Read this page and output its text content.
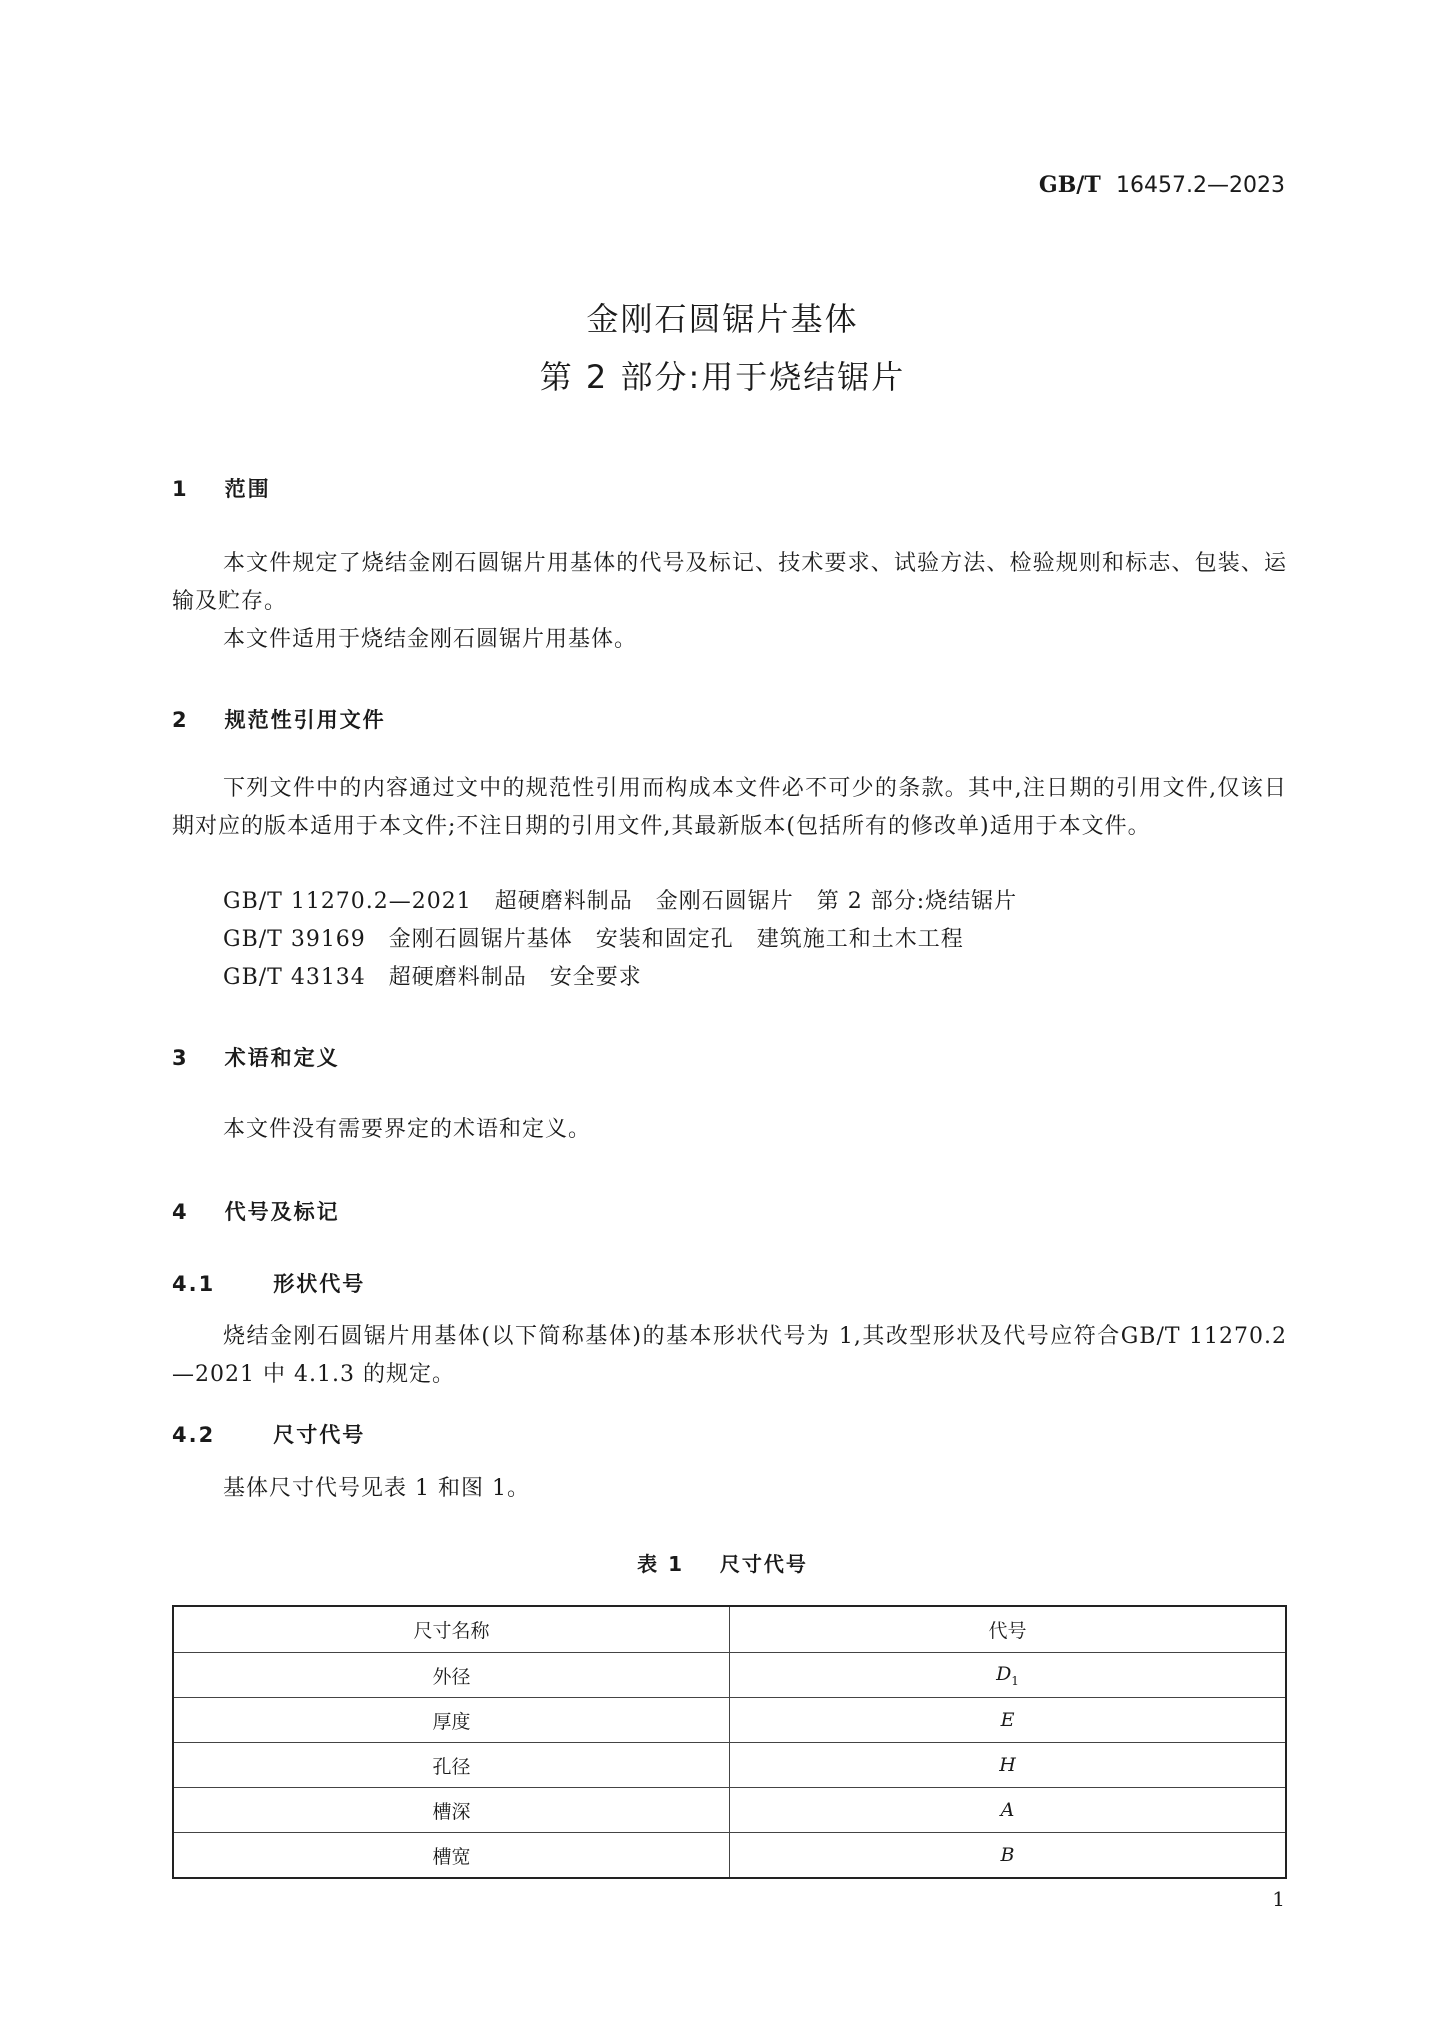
GB/T 16457.2—2023
金刚石圆锯片基体
第 2 部分:用于烧结锯片
1 范围
本文件规定了烧结金刚石圆锯片用基体的代号及标记、技术要求、试验方法、检验规则和标志、包装、运输及贮存。
本文件适用于烧结金刚石圆锯片用基体。
2 规范性引用文件
下列文件中的内容通过文中的规范性引用而构成本文件必不可少的条款。其中,注日期的引用文件,仅该日期对应的版本适用于本文件;不注日期的引用文件,其最新版本(包括所有的修改单)适用于本文件。
GB/T 11270.2—2021　超硬磨料制品　金刚石圆锯片　第 2 部分:烧结锯片
GB/T 39169　金刚石圆锯片基体　安装和固定孔　建筑施工和土木工程
GB/T 43134　超硬磨料制品　安全要求
3 术语和定义
本文件没有需要界定的术语和定义。
4 代号及标记
4.1	形状代号
烧结金刚石圆锯片用基体(以下简称基体)的基本形状代号为 1,其改型形状及代号应符合GB/T 11270.2—2021 中 4.1.3 的规定。
4.2	尺寸代号
基体尺寸代号见表 1 和图 1。
表 1 尺寸代号
尺寸名称	代号
外径	$D_1$
厚度	E
孔径	H
槽深	A
槽宽	B
1
